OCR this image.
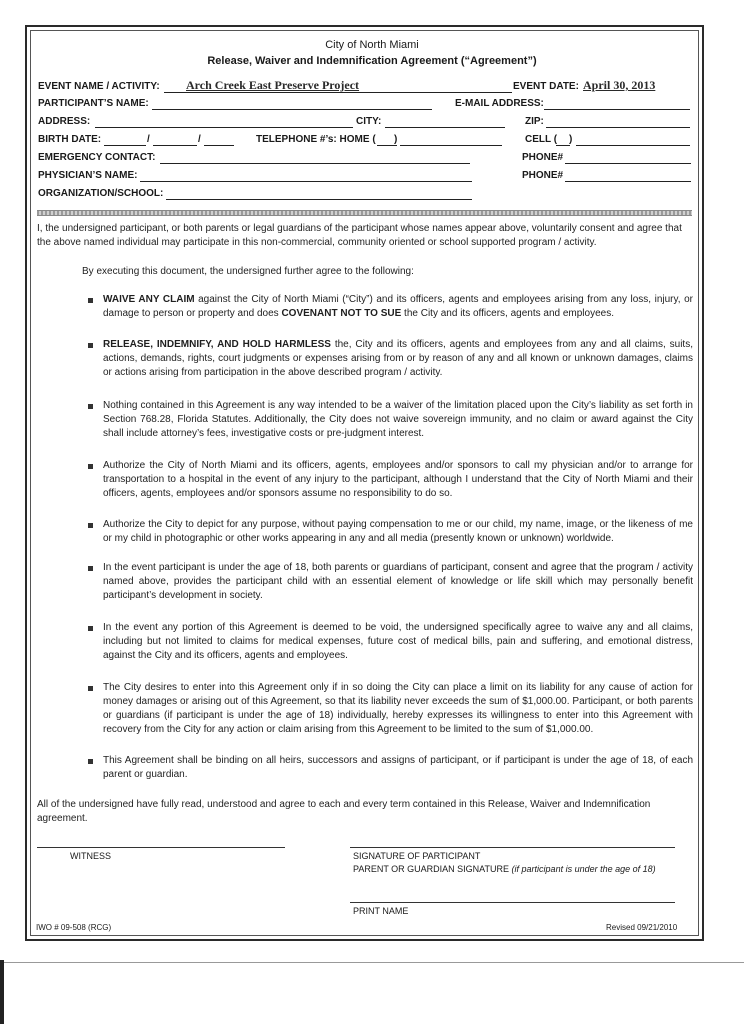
City of North Miami
Release, Waiver and Indemnification Agreement (“Agreement”)
EVENT NAME / ACTIVITY: Arch Creek East Preserve Project	EVENT DATE: April 30, 2013
PARTICIPANT’S NAME:	E-MAIL ADDRESS:
ADDRESS:	CITY:	ZIP:
BIRTH DATE:	/	/	TELEPHONE #’s: HOME ( )	CELL ( )
EMERGENCY CONTACT:	PHONE#
PHYSICIAN’S NAME:	PHONE#
ORGANIZATION/SCHOOL:
I, the undersigned participant, or both parents or legal guardians of the participant whose names appear above, voluntarily consent and agree that the above named individual may participate in this non-commercial, community oriented or school supported program / activity.
By executing this document, the undersigned further agree to the following:
WAIVE ANY CLAIM against the City of North Miami (“City”) and its officers, agents and employees arising from any loss, injury, or damage to person or property and does COVENANT NOT TO SUE the City and its officers, agents and employees.
RELEASE, INDEMNIFY, AND HOLD HARMLESS the, City and its officers, agents and employees from any and all claims, suits, actions, demands, rights, court judgments or expenses arising from or by reason of any and all known or unknown damages, claims or actions arising from participation in the above described program / activity.
Nothing contained in this Agreement is any way intended to be a waiver of the limitation placed upon the City’s liability as set forth in Section 768.28, Florida Statutes. Additionally, the City does not waive sovereign immunity, and no claim or award against the City shall include attorney’s fees, investigative costs or pre-judgment interest.
Authorize the City of North Miami and its officers, agents, employees and/or sponsors to call my physician and/or to arrange for transportation to a hospital in the event of any injury to the participant, although I understand that the City of North Miami and their officers, agents, employees and/or sponsors assume no responsibility to do so.
Authorize the City to depict for any purpose, without paying compensation to me or our child, my name, image, or the likeness of me or my child in photographic or other works appearing in any and all media (presently known or unknown) worldwide.
In the event participant is under the age of 18, both parents or guardians of participant, consent and agree that the program / activity named above, provides the participant child with an essential element of knowledge or life skill which may personally benefit participant’s development in society.
In the event any portion of this Agreement is deemed to be void, the undersigned specifically agree to waive any and all claims, including but not limited to claims for medical expenses, future cost of medical bills, pain and suffering, and emotional distress, against the City and its officers, agents and employees.
The City desires to enter into this Agreement only if in so doing the City can place a limit on its liability for any cause of action for money damages or arising out of this Agreement, so that its liability never exceeds the sum of $1,000.00. Participant, or both parents or guardians (if participant is under the age of 18) individually, hereby expresses its willingness to enter into this Agreement with recovery from the City for any action or claim arising from this Agreement to be limited to the sum of $1,000.00.
This Agreement shall be binding on all heirs, successors and assigns of participant, or if participant is under the age of 18, of each parent or guardian.
All of the undersigned have fully read, understood and agree to each and every term contained in this Release, Waiver and Indemnification agreement.
WITNESS	SIGNATURE OF PARTICIPANT
PARENT OR GUARDIAN SIGNATURE (if participant is under the age of 18)
PRINT NAME
IWO # 09-508 (RCG)	Revised 09/21/2010
